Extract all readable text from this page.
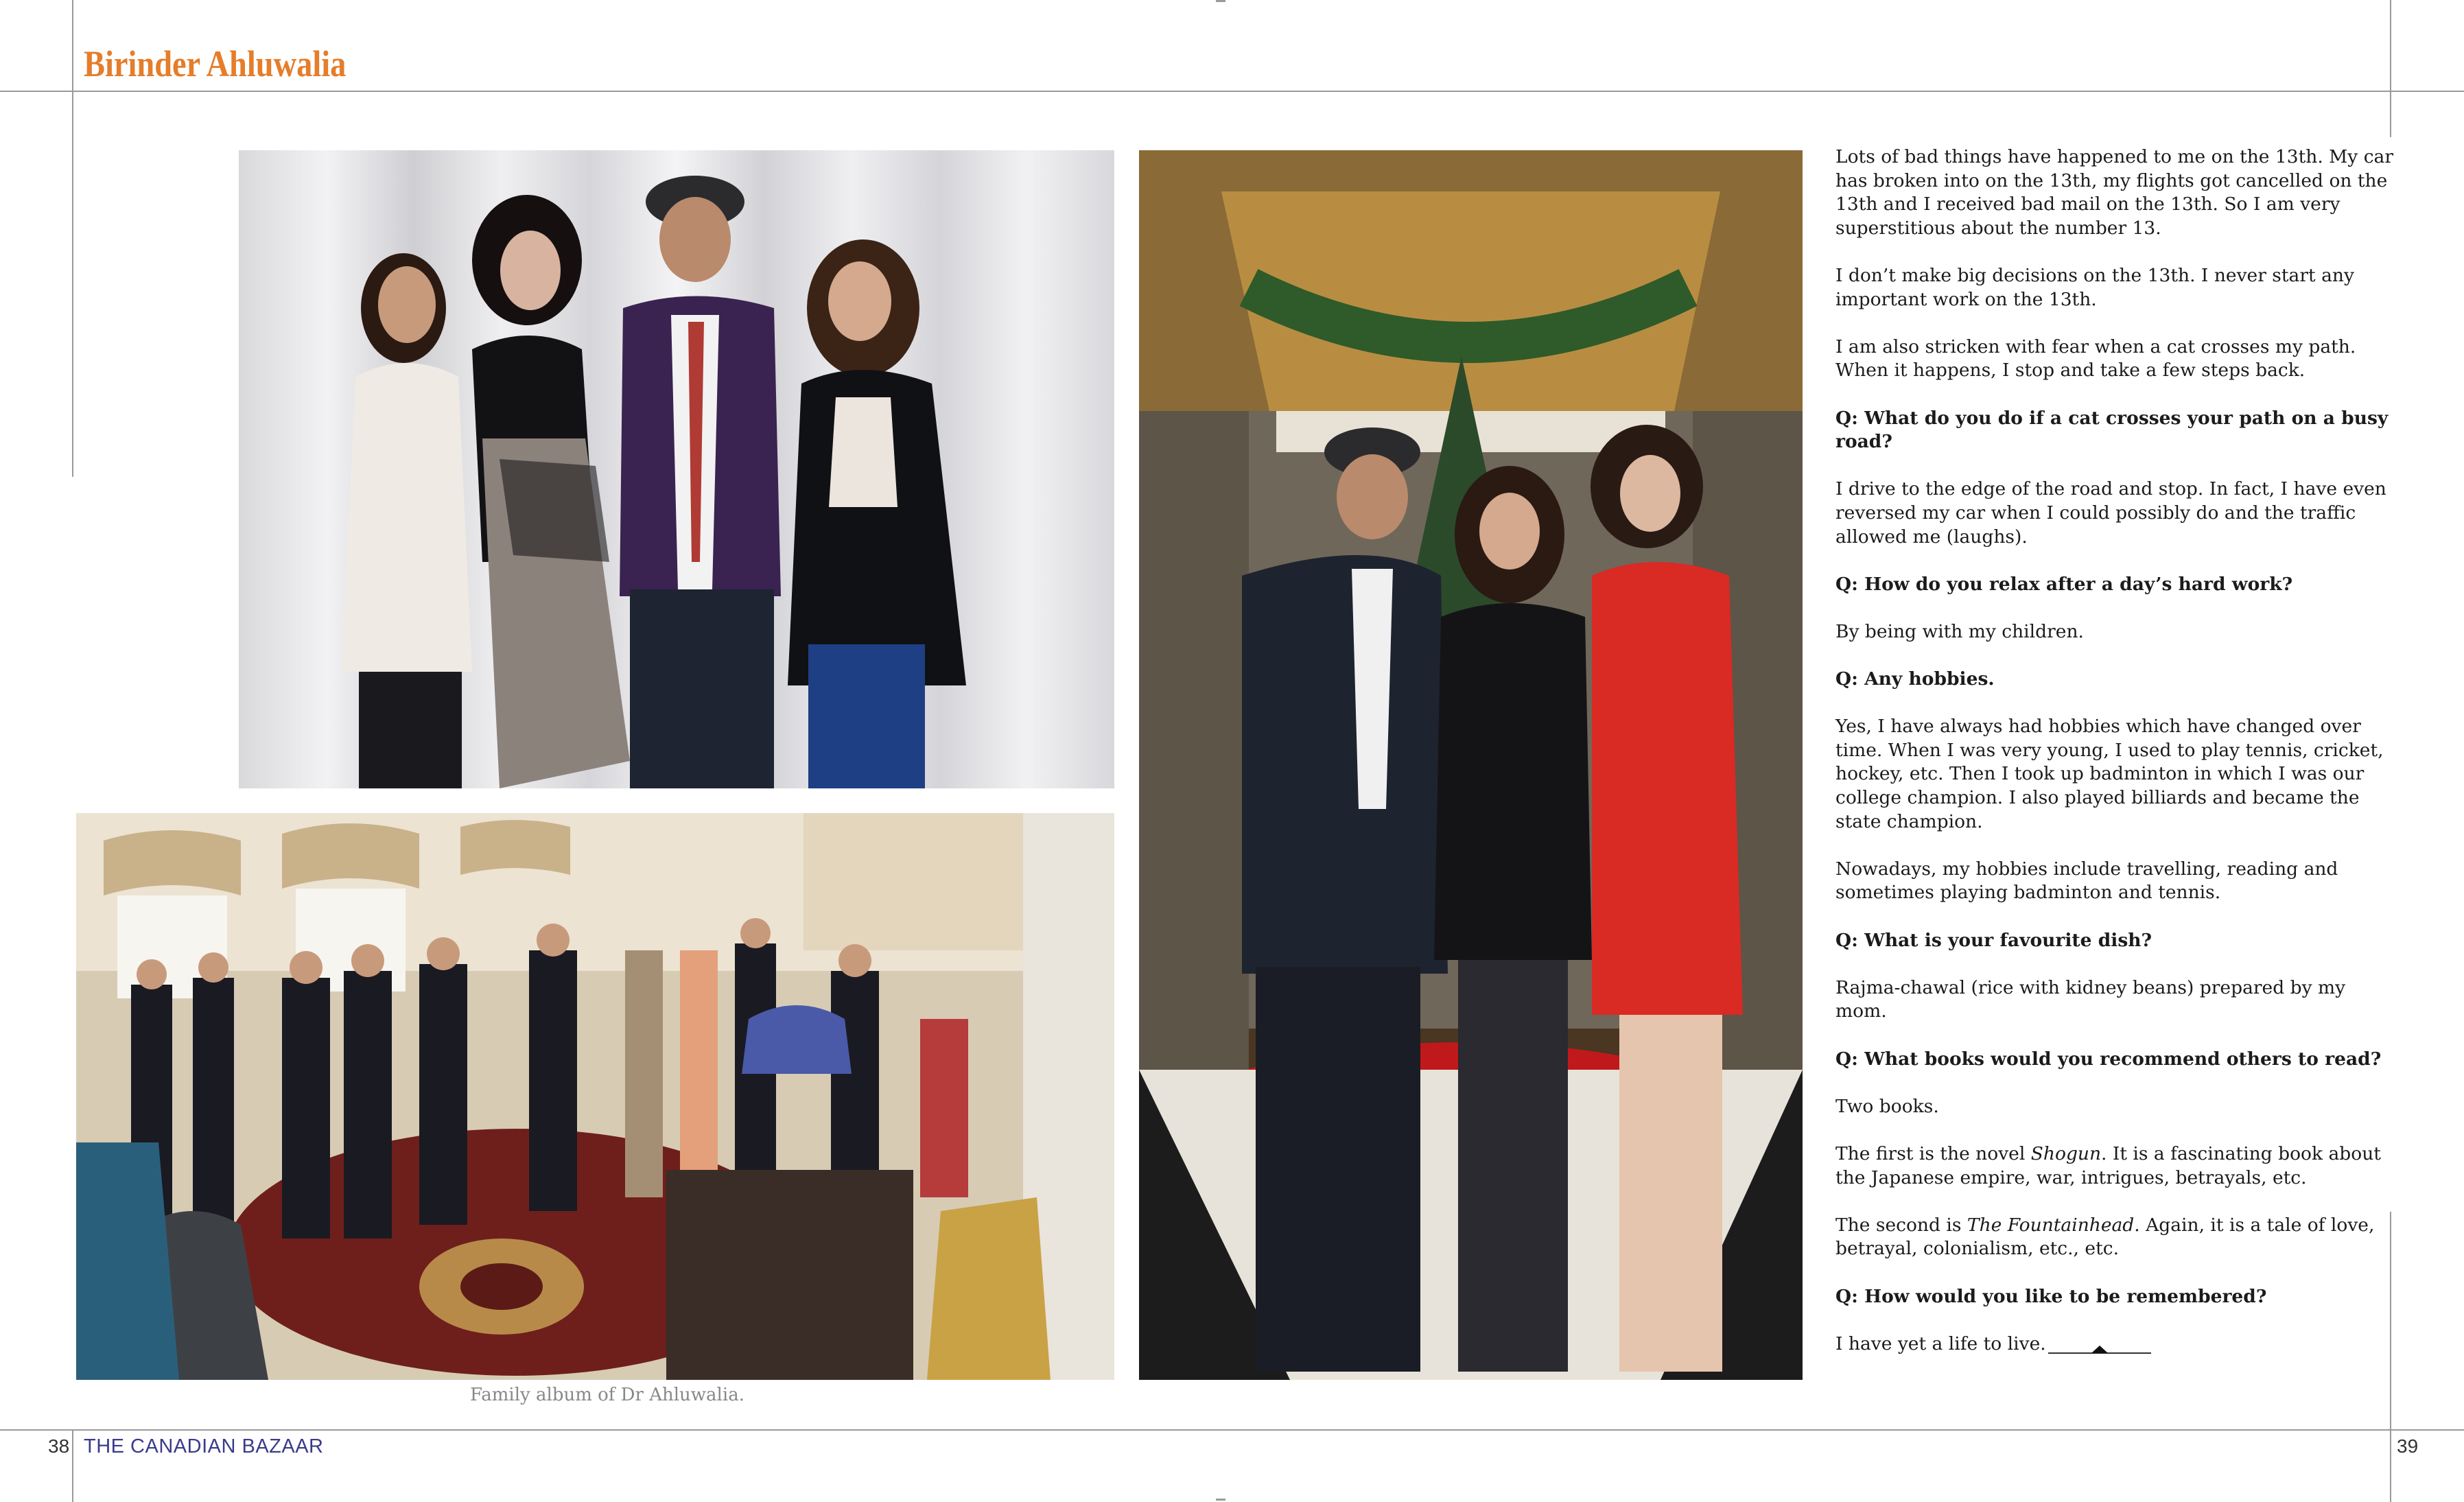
Birinder Ahluwalia
Family album of Dr Ahluwalia.

Lots of bad things have happened to me on the 13th. My car has broken into on the 13th, my flights got cancelled on the 13th and I received bad mail on the 13th. So I am very superstitious about the number 13.

I don’t make big decisions on the 13th. I never start any important work on the 13th.

I am also stricken with fear when a cat crosses my path. When it happens, I stop and take a few steps back.

Q: What do you do if a cat crosses your path on a busy road?

I drive to the edge of the road and stop. In fact, I have even reversed my car when I could possibly do and the traffic allowed me (laughs).

Q: How do you relax after a day’s hard work?

By being with my children.

Q: Any hobbies.

Yes, I have always had hobbies which have changed over time. When I was very young, I used to play tennis, cricket, hockey, etc. Then I took up badminton in which I was our college champion. I also played billiards and became the state champion.

Nowadays, my hobbies include travelling, reading and sometimes playing badminton and tennis.

Q: What is your favourite dish?

Rajma-chawal (rice with kidney beans) prepared by my mom.

Q: What books would you recommend others to read?

Two books.

The first is the novel Shogun. It is a fascinating book about the Japanese empire, war, intrigues, betrayals, etc.

The second is The Fountainhead. Again, it is a tale of love, betrayal, colonialism, etc., etc.

Q: How would you like to be remembered?

I have yet a life to live.

38 THE CANADIAN BAZAAR	39
